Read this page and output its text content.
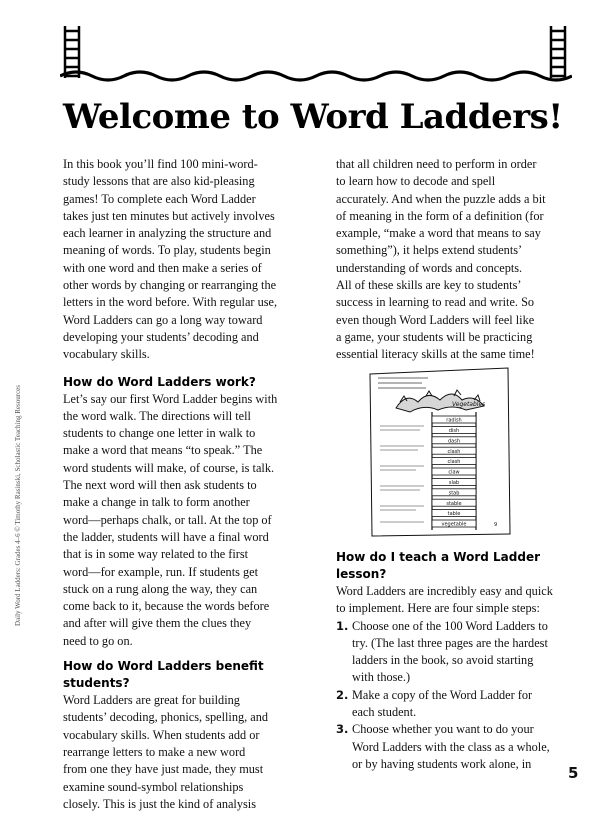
Welcome to Word Ladders!
Daily Word Ladders: Grades 4–6 © Timothy Rasinski, Scholastic Teaching Resources

In this book you’ll find 100 mini-word-
study lessons that are also kid-pleasing
games! To complete each Word Ladder
takes just ten minutes but actively involves
each learner in analyzing the structure and
meaning of words. To play, students begin
with one word and then make a series of
other words by changing or rearranging the
letters in the word before. With regular use,
Word Ladders can go a long way toward
developing your students’ decoding and
vocabulary skills.

How do Word Ladders work?

Let’s say our first Word Ladder begins with
the word walk. The directions will tell
students to change one letter in walk to
make a word that means “to speak.” The
word students will make, of course, is talk.
The next word will then ask students to
make a change in talk to form another
word—perhaps chalk, or tall. At the top of
the ladder, students will have a final word
that is in some way related to the first
word—for example, run. If students get
stuck on a rung along the way, they can
come back to it, because the words before
and after will give them the clues they
need to go on.

How do Word Ladders benefit
students?

Word Ladders are great for building
students’ decoding, phonics, spelling, and
vocabulary skills. When students add or
rearrange letters to make a new word
from one they have just made, they must
examine sound-symbol relationships
closely. This is just the kind of analysis

that all children need to perform in order
to learn how to decode and spell
accurately. And when the puzzle adds a bit
of meaning in the form of a definition (for
example, “make a word that means to say
something”), it helps extend students’
understanding of words and concepts.
All of these skills are key to students’
success in learning to read and write. So
even though Word Ladders will feel like
a game, your students will be practicing
essential literacy skills at the same time!

Vegetables
radish
dish
dash
clash
clash
claw
slab
stab
stable
table
vegetable	9
How do I teach a Word Ladder lesson?

Word Ladders are incredibly easy and quick
to implement. Here are four simple steps:

1. Choose one of the 100 Word Ladders to
try. (The last three pages are the hardest
ladders in the book, so avoid starting
with those.)
2. Make a copy of the Word Ladder for
each student.
3. Choose whether you want to do your
Word Ladders with the class as a whole,
or by having students work alone, in
5
